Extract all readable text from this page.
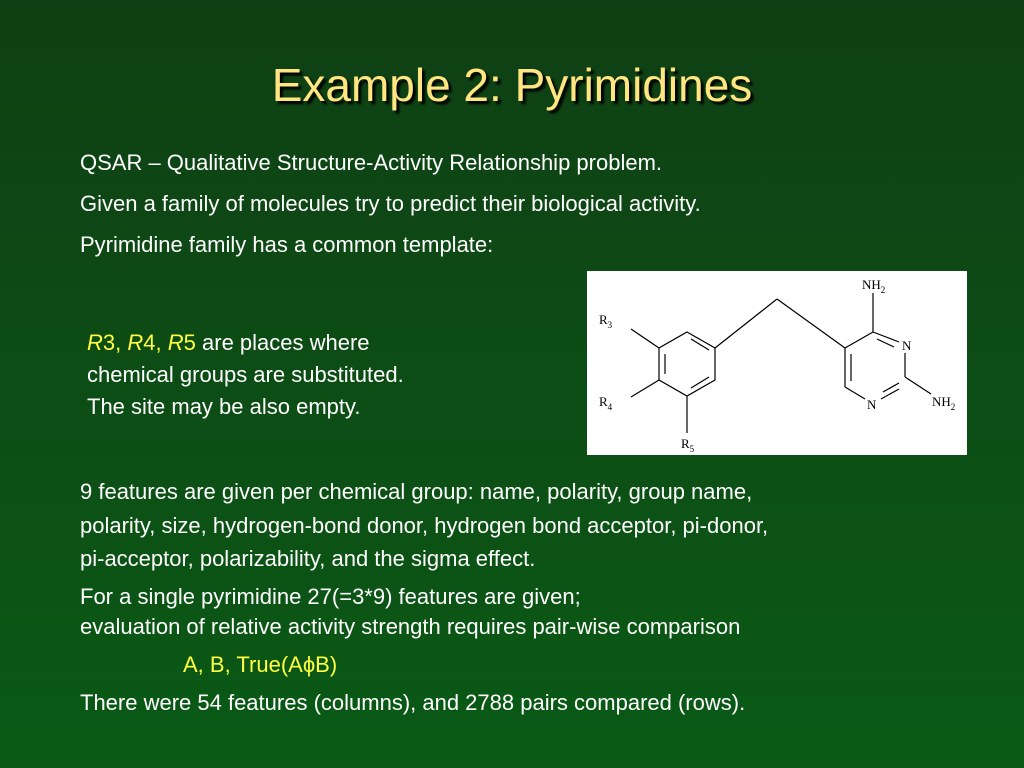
Example 2: Pyrimidines
QSAR – Qualitative Structure-Activity Relationship problem.
Given a family of molecules try to predict their biological activity.
Pyrimidine family has a common template:
R3, R4, R5 are places where
chemical groups are substituted.
The site may be also empty.
$R_3$
$R_4$
$R_5$
N
N
$NH_2$
$NH_2$
9 features are given per chemical group: name, polarity, group name,
polarity, size, hydrogen-bond donor, hydrogen bond acceptor, pi-donor,
pi-acceptor, polarizability, and the sigma effect.
For a single pyrimidine 27(=3*9) features are given;
evaluation of relative activity strength requires pair-wise comparison
A, B, True(AϕB)
There were 54 features (columns), and 2788 pairs compared (rows).
